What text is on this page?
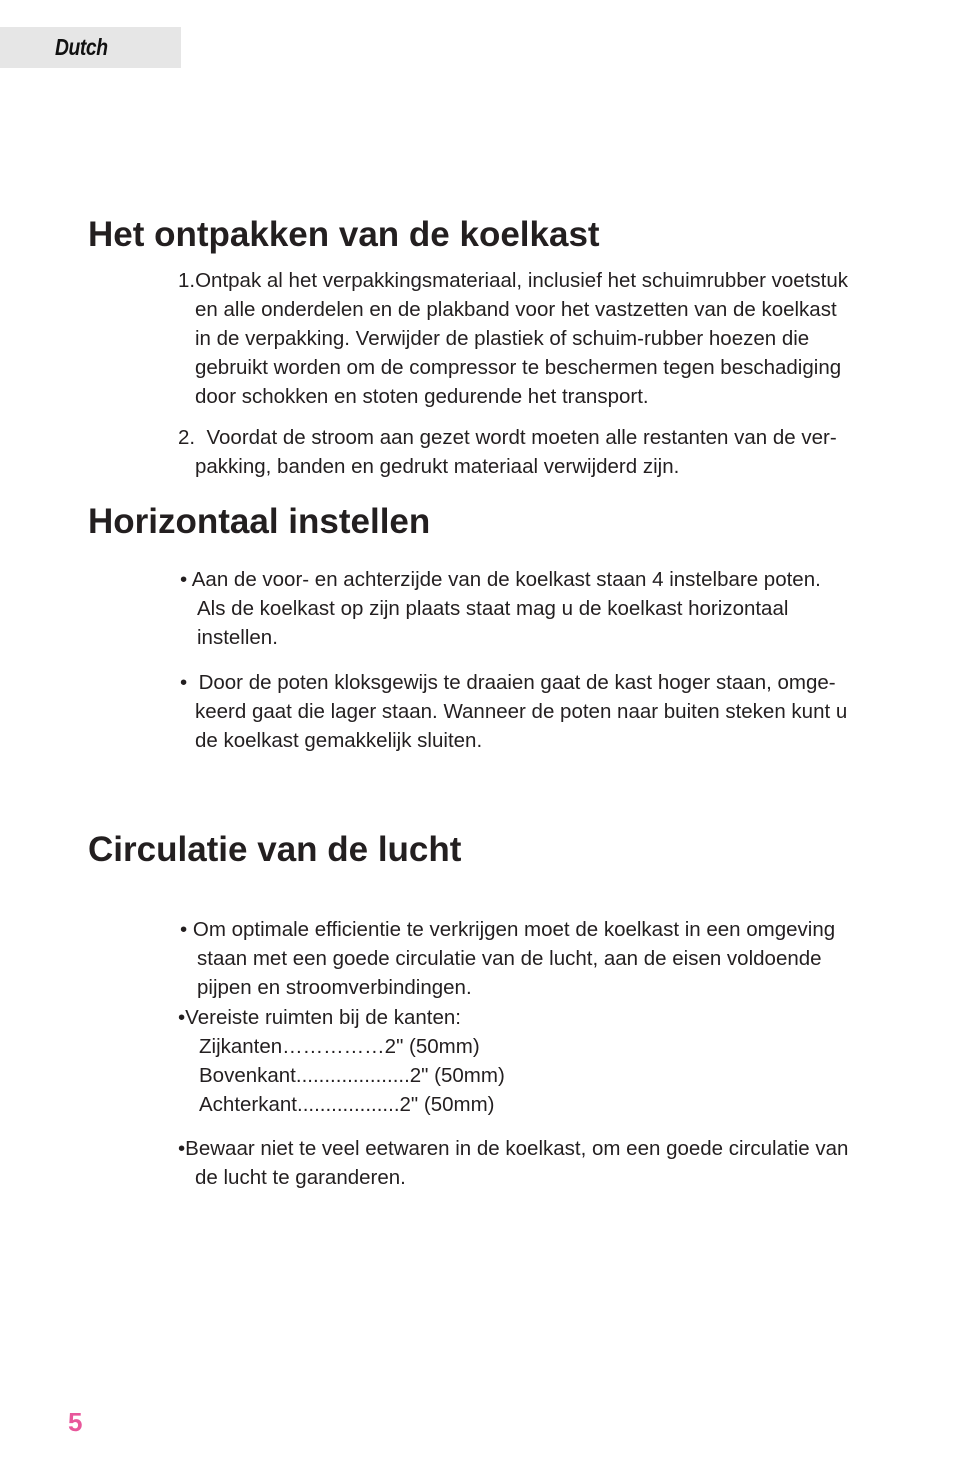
Dutch
Het ontpakken van de koelkast
1.Ontpak al het verpakkingsmateriaal, inclusief het schuimrubber voetstuk
en alle onderdelen en de plakband voor het vastzetten van de koelkast
in de verpakking. Verwijder de plastiek of schuim-rubber hoezen die
gebruikt worden om de compressor te beschermen tegen beschadiging
door schokken en stoten gedurende het transport.
2.  Voordat de stroom aan gezet wordt moeten alle restanten van de ver-
pakking, banden en gedrukt materiaal verwijderd zijn.
Horizontaal instellen
• Aan de voor- en achterzijde van de koelkast staan 4 instelbare poten.
Als de koelkast op zijn plaats staat mag u de koelkast horizontaal
instellen.
•  Door de poten kloksgewijs te draaien gaat de kast hoger staan, omge-
keerd gaat die lager staan. Wanneer de poten naar buiten steken kunt u
de koelkast gemakkelijk sluiten.
Circulatie van de lucht
• Om optimale efficientie te verkrijgen moet de koelkast in een omgeving
staan met een goede circulatie van de lucht, aan de eisen voldoende
pijpen en stroomverbindingen.
•Vereiste ruimten bij de kanten:
Zijkanten……………2" (50mm)
Bovenkant....................2" (50mm)
Achterkant..................2" (50mm)
•Bewaar niet te veel eetwaren in de koelkast, om een goede circulatie van
de lucht te garanderen.
5
